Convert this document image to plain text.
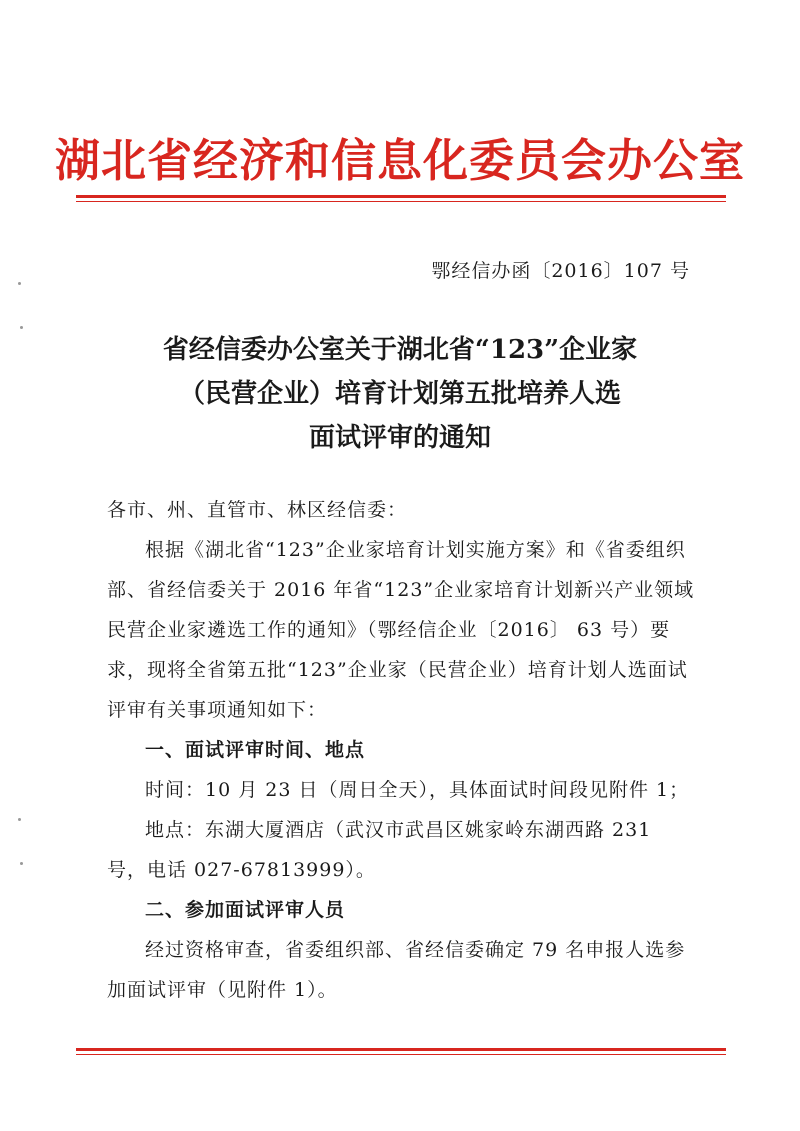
湖北省经济和信息化委员会办公室
鄂经信办函〔2016〕107 号
省经信委办公室关于湖北省“123”企业家
（民营企业）培育计划第五批培养人选
面试评审的通知

各市、州、直管市、林区经信委：

根据《湖北省“123”企业家培育计划实施方案》和《省委组织部、省经信委关于 2016 年省“123”企业家培育计划新兴产业领域民营企业家遴选工作的通知》（鄂经信企业〔2016〕 63 号）要求，现将全省第五批“123”企业家（民营企业）培育计划人选面试评审有关事项通知如下：

一、面试评审时间、地点

时间：10 月 23 日（周日全天），具体面试时间段见附件 1；

地点：东湖大厦酒店（武汉市武昌区姚家岭东湖西路 231 号，电话 027-67813999）。

二、参加面试评审人员

经过资格审查，省委组织部、省经信委确定 79 名申报人选参加面试评审（见附件 1）。
